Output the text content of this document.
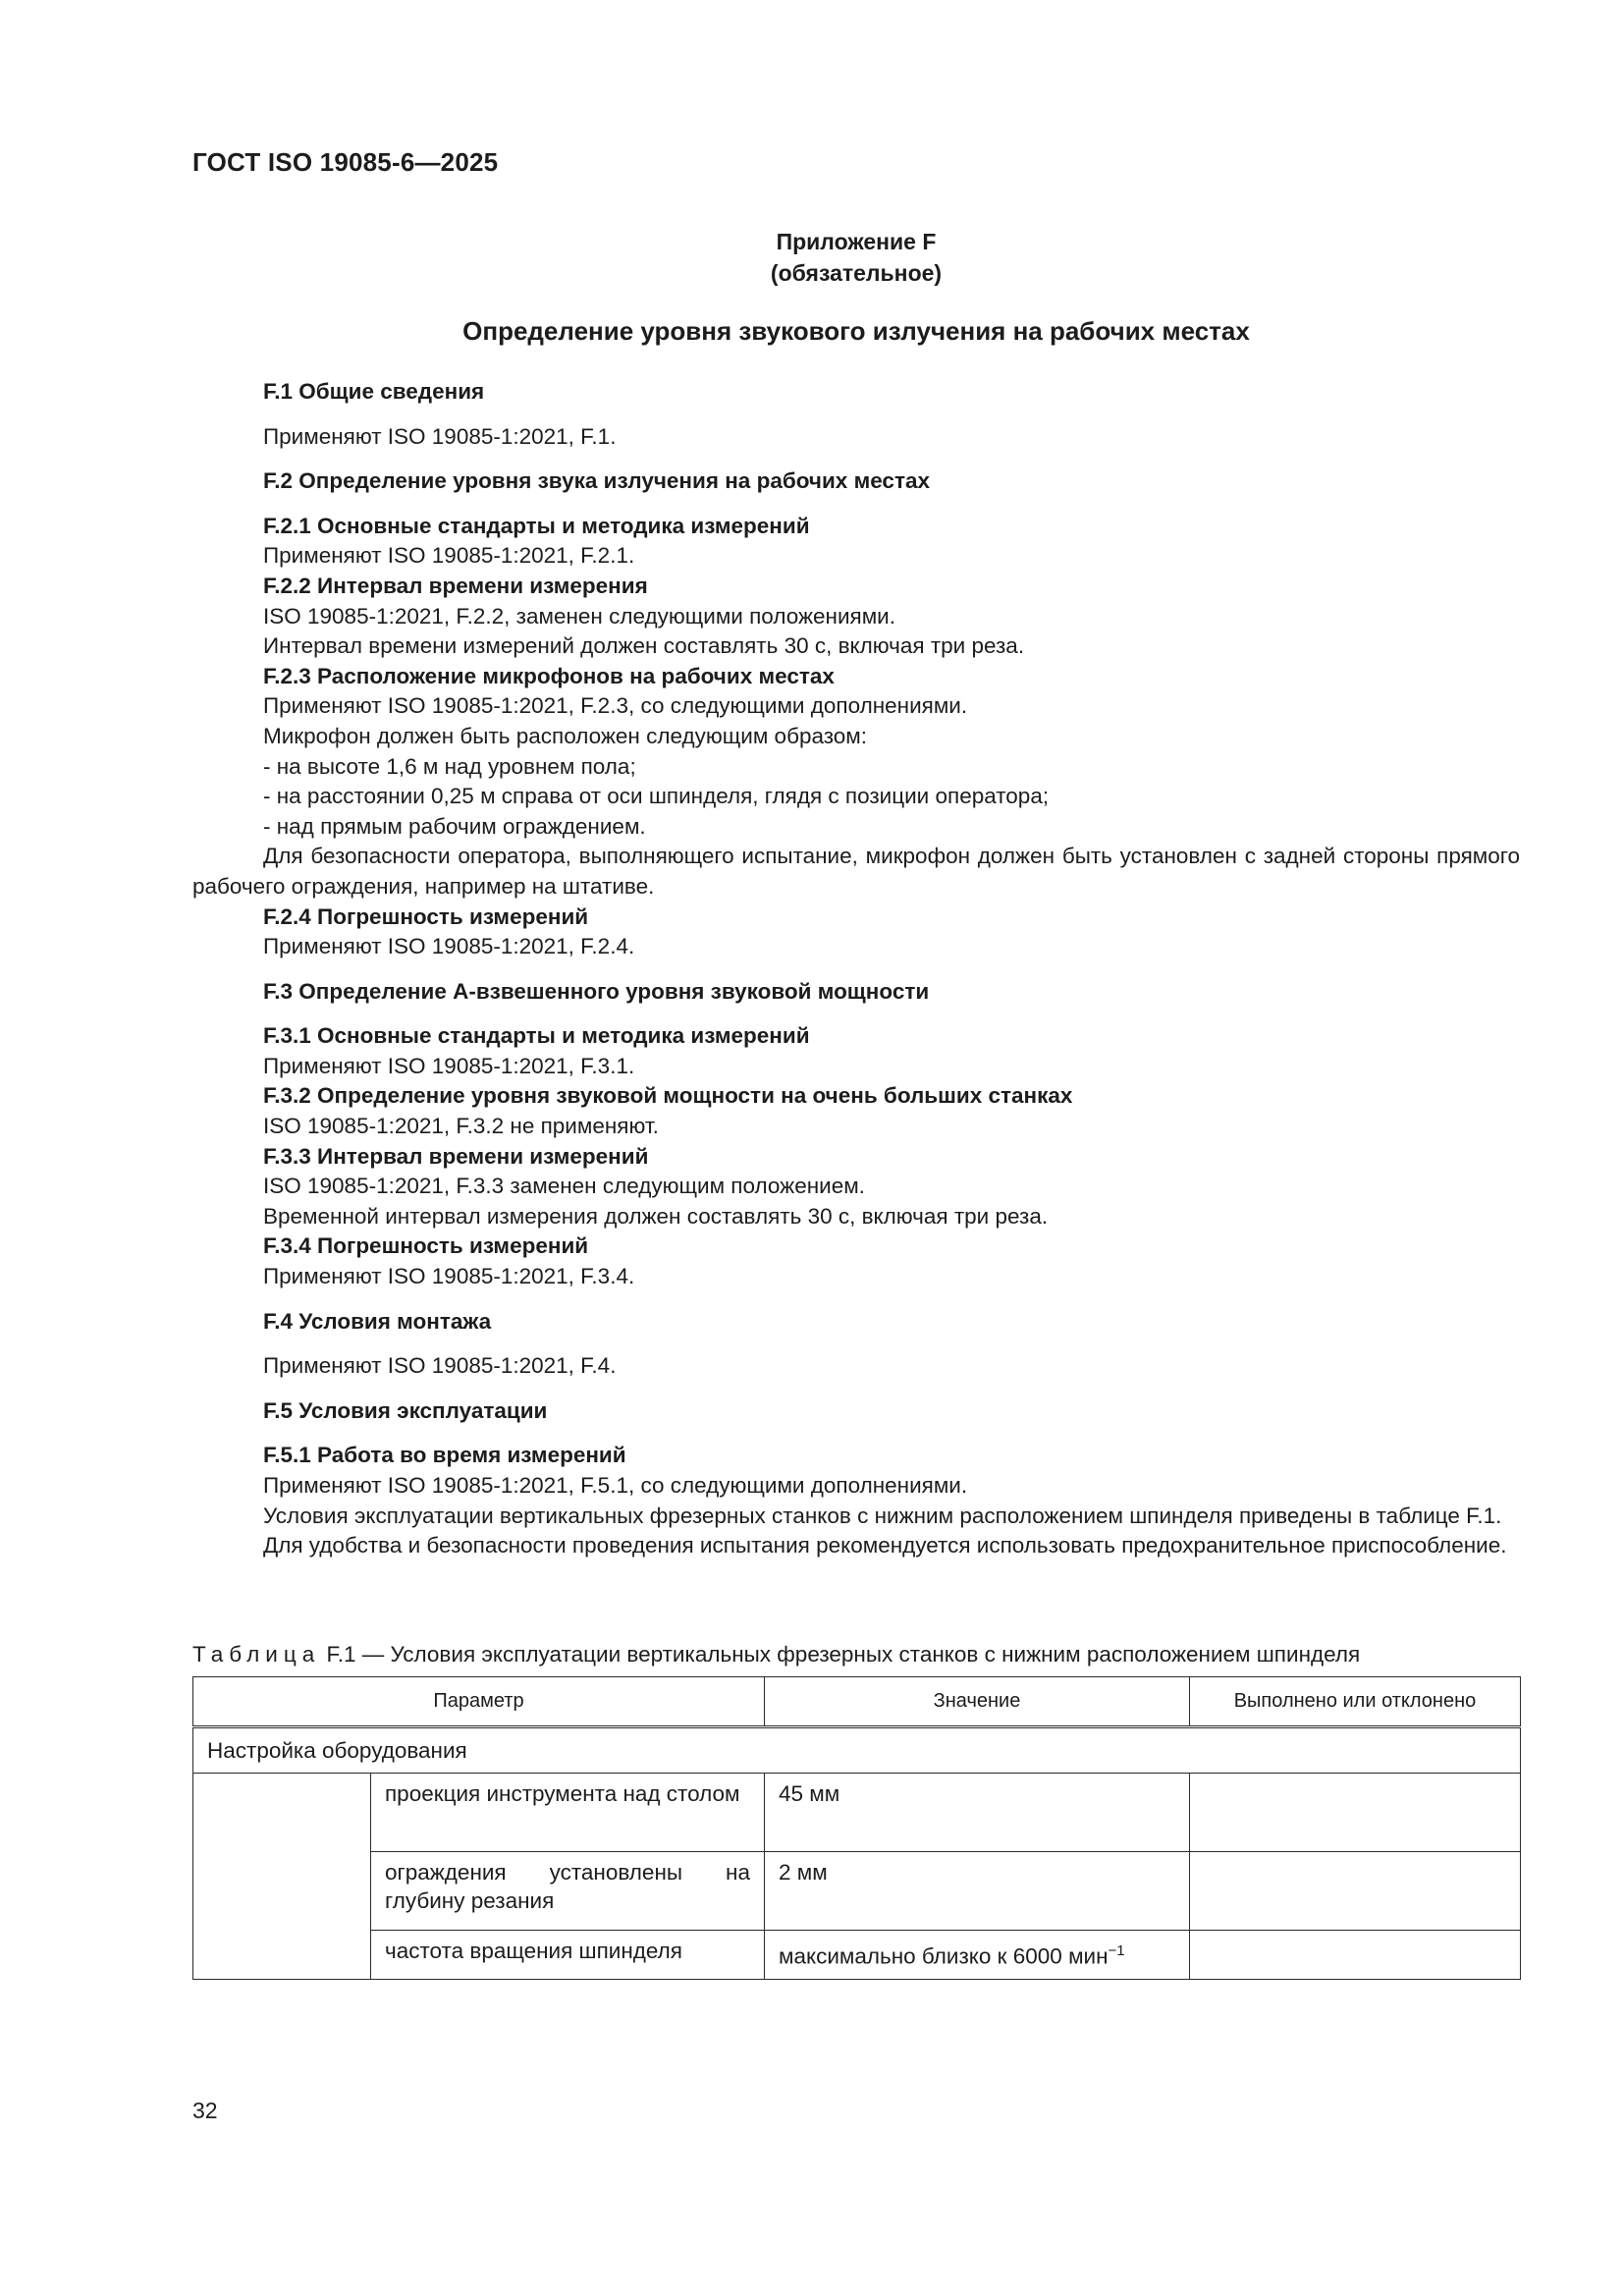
ГОСТ ISO 19085-6—2025
Приложение F
(обязательное)
Определение уровня звукового излучения на рабочих местах

F.1 Общие сведения

Применяют ISO 19085-1:2021, F.1.

F.2 Определение уровня звука излучения на рабочих местах

F.2.1 Основные стандарты и методика измерений

Применяют ISO 19085-1:2021, F.2.1.

F.2.2 Интервал времени измерения

ISO 19085-1:2021, F.2.2, заменен следующими положениями.

Интервал времени измерений должен составлять 30 с, включая три реза.

F.2.3 Расположение микрофонов на рабочих местах

Применяют ISO 19085-1:2021, F.2.3, со следующими дополнениями.

Микрофон должен быть расположен следующим образом:

- на высоте 1,6 м над уровнем пола;

- на расстоянии 0,25 м справа от оси шпинделя, глядя с позиции оператора;

- над прямым рабочим ограждением.

Для безопасности оператора, выполняющего испытание, микрофон должен быть установлен с задней стороны прямого рабочего ограждения, например на штативе.

F.2.4 Погрешность измерений

Применяют ISO 19085-1:2021, F.2.4.

F.3 Определение А-взвешенного уровня звуковой мощности

F.3.1 Основные стандарты и методика измерений

Применяют ISO 19085-1:2021, F.3.1.

F.3.2 Определение уровня звуковой мощности на очень больших станках

ISO 19085-1:2021, F.3.2 не применяют.

F.3.3 Интервал времени измерений

ISO 19085-1:2021, F.3.3 заменен следующим положением.

Временной интервал измерения должен составлять 30 с, включая три реза.

F.3.4 Погрешность измерений

Применяют ISO 19085-1:2021, F.3.4.

F.4 Условия монтажа

Применяют ISO 19085-1:2021, F.4.

F.5 Условия эксплуатации

F.5.1 Работа во время измерений

Применяют ISO 19085-1:2021, F.5.1, со следующими дополнениями.

Условия эксплуатации вертикальных фрезерных станков с нижним расположением шпинделя приведены в таблице F.1.

Для удобства и безопасности проведения испытания рекомендуется использовать предохранительное приспособление.

Таблица F.1 — Условия эксплуатации вертикальных фрезерных станков с нижним расположением шпинделя
Параметр		Значение	Выполнено или отклонено
Настройка оборудования			
	проекция инструмента над столом	45 мм	
	ограждения установлены на глубину резания	2 мм	
	частота вращения шпинделя	максимально близко к 6000 мин$^{-1}$	
32
